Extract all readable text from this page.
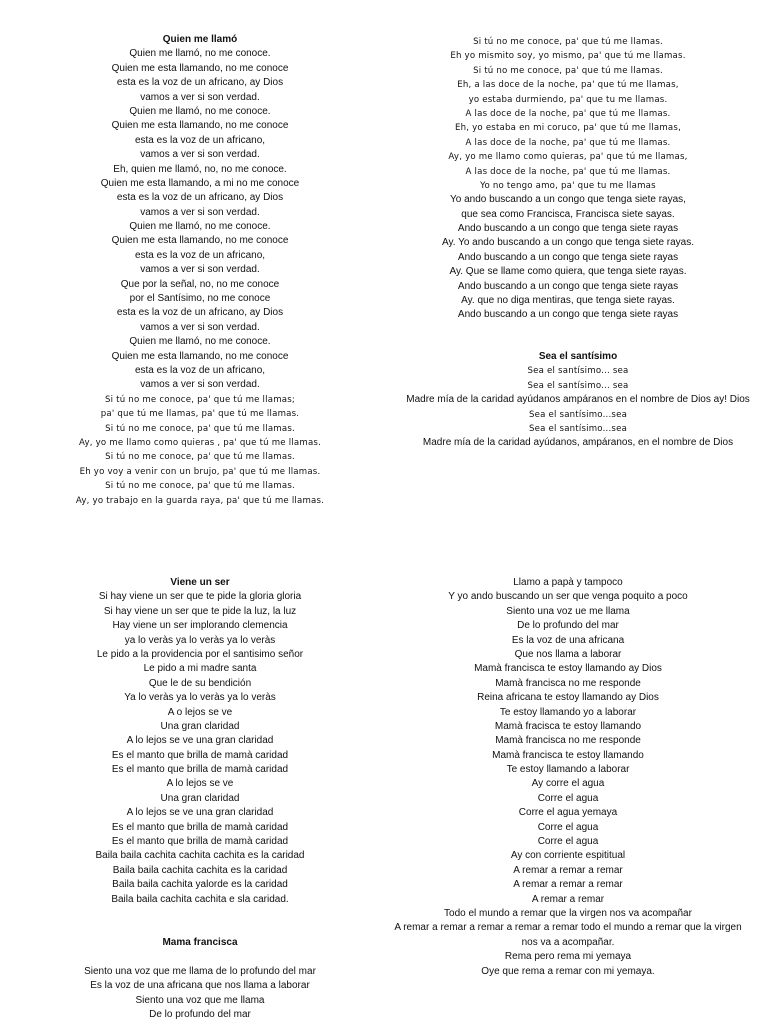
Quien me llamó
Quien me llamó, no me conoce.
Quien me esta llamando, no me conoce
esta es la voz de un africano, ay Dios
vamos a ver si son verdad.
Quien me llamó, no me conoce.
Quien me esta llamando, no me conoce
esta es la voz de un africano,
vamos a ver si son verdad.
Eh, quien me llamó, no, no me conoce.
Quien me esta llamando, a mi no me conoce
esta es la voz de un africano, ay Dios
vamos a ver si son verdad.
Quien me llamó, no me conoce.
Quien me esta llamando, no me conoce
esta es la voz de un africano,
vamos a ver si son verdad.
Que por la señal, no, no me conoce
por el Santísimo, no me conoce
esta es la voz de un africano, ay Dios
vamos a ver si son verdad.
Quien me llamó, no me conoce.
Quien me esta llamando, no me conoce
esta es la voz de un africano,
vamos a ver si son verdad.
Si tú no me conoce, pa' que tú me llamas;
pa' que tú me llamas, pa' que tú me llamas.
Si tú no me conoce, pa' que tú me llamas.
Ay, yo me llamo como quieras , pa' que tú me llamas.
Si tú no me conoce, pa' que tú me llamas.
Eh yo voy a venir con un brujo, pa' que tú me llamas.
Si tú no me conoce, pa' que tú me llamas.
Ay, yo trabajo en la guarda raya, pa' que tú me llamas.
Si tú no me conoce, pa' que tú me llamas.
Eh yo mismito soy, yo mismo, pa' que tú me llamas.
Si tú no me conoce, pa' que tú me llamas.
Eh, a las doce de la noche, pa' que tú me llamas,
yo estaba durmiendo, pa' que tu me llamas.
A las doce de la noche, pa' que tú me llamas.
Eh, yo estaba en mi coruco, pa' que tú me llamas,
A las doce de la noche, pa' que tú me llamas.
Ay, yo me llamo como quieras, pa' que tú me llamas,
A las doce de la noche, pa' que tú me llamas.
Yo no tengo amo, pa' que tu me llamas
Yo ando buscando a un congo que tenga siete rayas,
que sea como Francisca, Francisca siete sayas.
Ando buscando a un congo que tenga siete rayas
Ay. Yo ando buscando a un congo que tenga siete rayas.
Ando buscando a un congo que tenga siete rayas
Ay. Que se llame como quiera, que tenga siete rayas.
Ando buscando a un congo que tenga siete rayas
Ay. que no diga mentiras, que tenga siete rayas.
Ando buscando a un congo que tenga siete rayas
Sea el santísimo
Sea el santísimo... sea
Sea el santísimo... sea
Madre mía de la caridad ayúdanos ampáranos en el nombre de Dios ay! Dios
Sea el santísimo...sea
Sea el santísimo...sea
Madre mía de la caridad ayúdanos, ampáranos, en el nombre de Dios
Viene un ser
Si hay viene un ser que te pide la gloria gloria
Si hay viene un ser que te pide la luz, la luz
Hay viene un ser implorando clemencia
ya lo veràs ya lo veràs ya lo veràs
Le pido a la providencia por el santisimo señor
Le pido a mi madre santa
Que le de su bendición
Ya lo veràs ya lo veràs ya lo veràs
A o lejos se ve
Una gran claridad
A lo lejos se ve una gran claridad
Es el manto que brilla de mamà caridad
Es el manto que brilla de mamà caridad
A lo lejos se ve
Una gran claridad
A lo lejos se ve una gran claridad
Es el manto que brilla de mamà caridad
Es el manto que brilla de mamà caridad
Baila baila cachita cachita cachita es la caridad
Baila baila cachita cachita es la caridad
Baila baila cachita yalorde es la caridad
Baila baila cachita cachita e sla caridad.
Mama francisca
Siento una voz que me llama de lo profundo del mar
Es la voz de una africana que nos llama a laborar
Siento una voz que me llama
De lo profundo del mar
Llamo a papà y tampoco
Y yo ando buscando un ser que venga poquito a poco
Siento una voz ue me llama
De lo profundo del mar
Es la voz de una africana
Que nos llama a laborar
Mamà francisca te estoy llamando ay Dios
Mamà francisca no me responde
Reina africana te estoy llamando ay Dios
Te estoy llamando yo a laborar
Mamà fracisca te estoy llamando
Mamà francisca no me responde
Mamà francisca te estoy llamando
Te estoy llamando a laborar
Ay corre el agua
Corre el agua
Corre el agua yemaya
Corre el agua
Corre el agua
Ay con corriente espititual
A remar a remar a remar
A remar a remar a remar
A remar a remar
Todo el mundo a remar que la virgen nos va acompañar
A remar a remar a remar a remar a remar todo el mundo a remar que la virgen
nos va a acompañar.
Rema pero rema mi yemaya
Oye que rema a remar con mi yemaya.
